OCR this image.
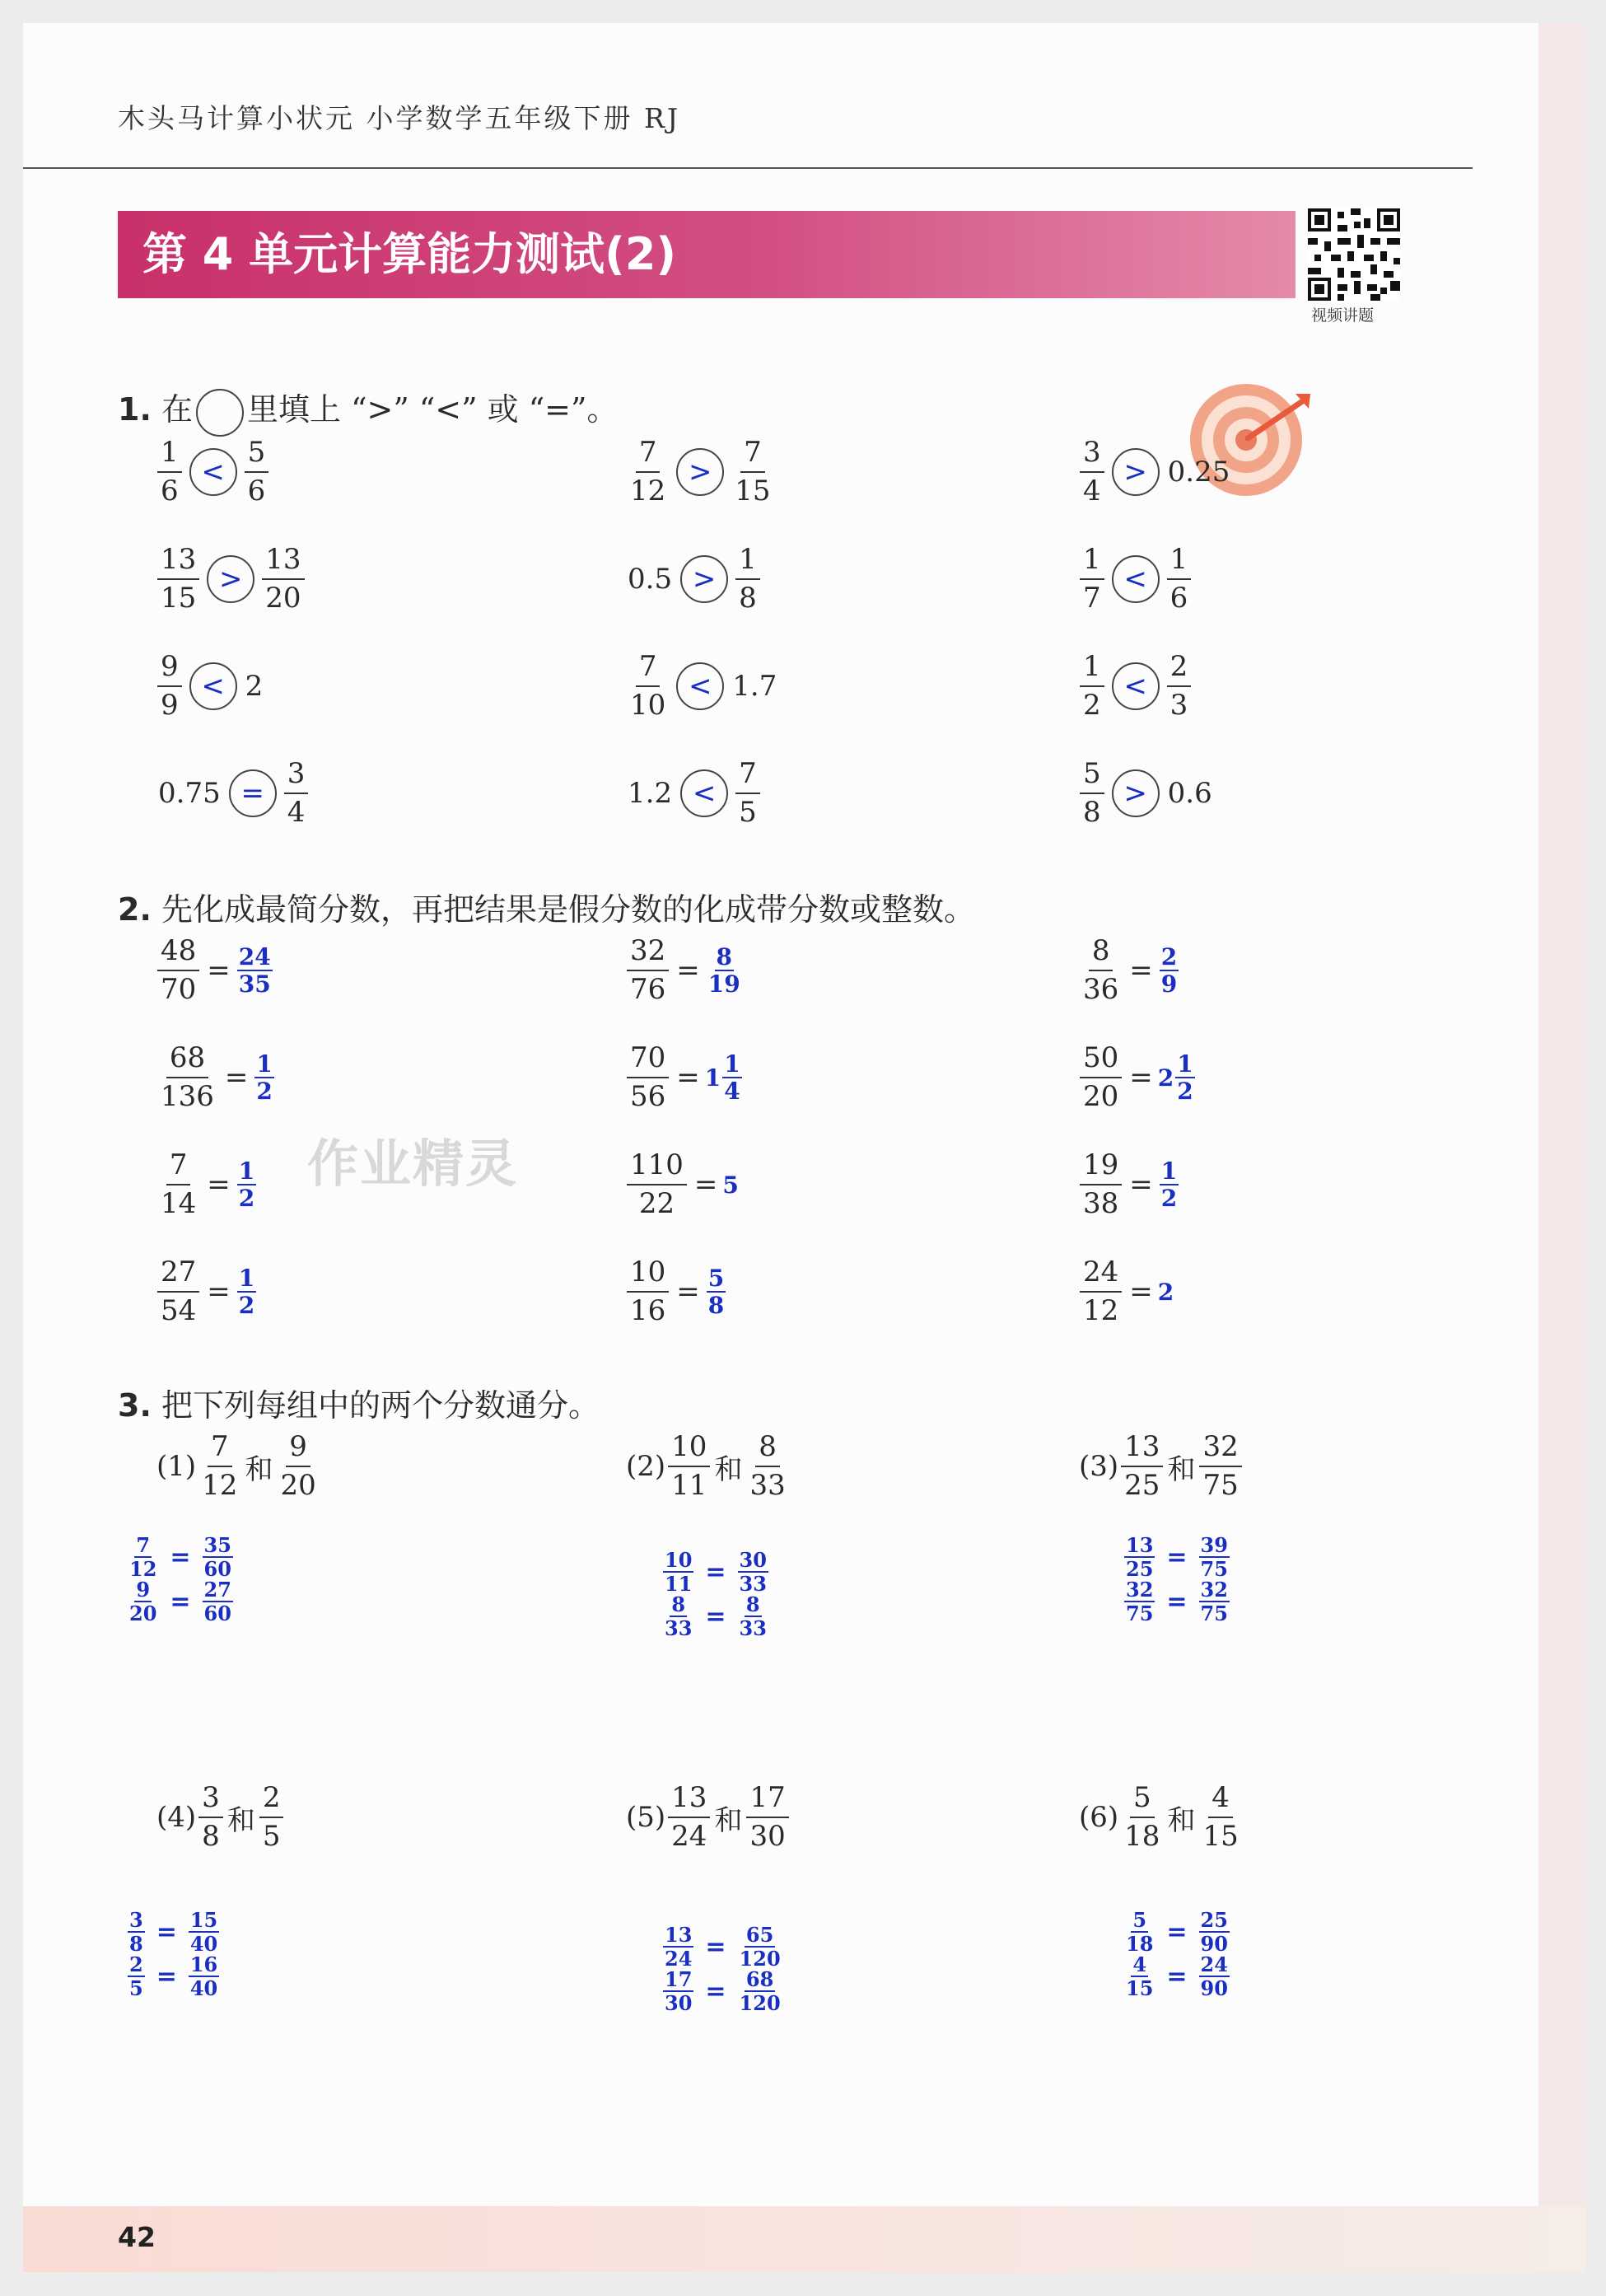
木头马计算小状元 小学数学五年级下册 RJ
第 4 单元计算能力测试(2)
视频讲题
1. 在 里填上 “>” “<” 或 “=”。
$\frac{1}{6} < \frac{5}{6}$	$\frac{7}{12} > \frac{7}{15}$	$\frac{3}{4} > 0.25$
$\frac{13}{15} > \frac{13}{20}$	$0.5 > \frac{1}{8}$	$\frac{1}{7} < \frac{1}{6}$
$\frac{9}{9} < 2$	$\frac{7}{10} < 1.7$	$\frac{1}{2} < \frac{2}{3}$
$0.75 = \frac{3}{4}$	$1.2 < \frac{7}{5}$	$\frac{5}{8} > 0.6$
2. 先化成最简分数，再把结果是假分数的化成带分数或整数。
$\frac{48}{70} = \frac{24}{35}$	$\frac{32}{76} = \frac{8}{19}$	$\frac{8}{36} = \frac{2}{9}$
$\frac{68}{136} = \frac{1}{2}$	$\frac{70}{56} = 1 \frac{1}{4}$	$\frac{50}{20} = 2 \frac{1}{2}$
$\frac{7}{14} = \frac{1}{2}$	$\frac{110}{22} = 5$	$\frac{19}{38} = \frac{1}{2}$
$\frac{27}{54} = \frac{1}{2}$	$\frac{10}{16} = \frac{5}{8}$	$\frac{24}{12} = 2$
3. 把下列每组中的两个分数通分。
$(1) \frac{7}{12}$ 和 $\frac{9}{20}$
$\frac{7}{12} = \frac{35}{60}$
$\frac{9}{20} = \frac{27}{60}$
$(2) \frac{10}{11}$ 和 $\frac{8}{33}$
$\frac{10}{11} = \frac{30}{33}$
$\frac{8}{33} = \frac{8}{33}$
$(3) \frac{13}{25}$ 和 $\frac{32}{75}$
$\frac{13}{25} = \frac{39}{75}$
$\frac{32}{75} = \frac{32}{75}$
$(4) \frac{3}{8}$ 和 $\frac{2}{5}$
$\frac{3}{8} = \frac{15}{40}$
$\frac{2}{5} = \frac{16}{40}$
$(5) \frac{13}{24}$ 和 $\frac{17}{30}$
$\frac{13}{24} = \frac{65}{120}$
$\frac{17}{30} = \frac{68}{120}$
$(6) \frac{5}{18}$ 和 $\frac{4}{15}$
$\frac{5}{18} = \frac{25}{90}$
$\frac{4}{15} = \frac{24}{90}$
作业精灵
42
